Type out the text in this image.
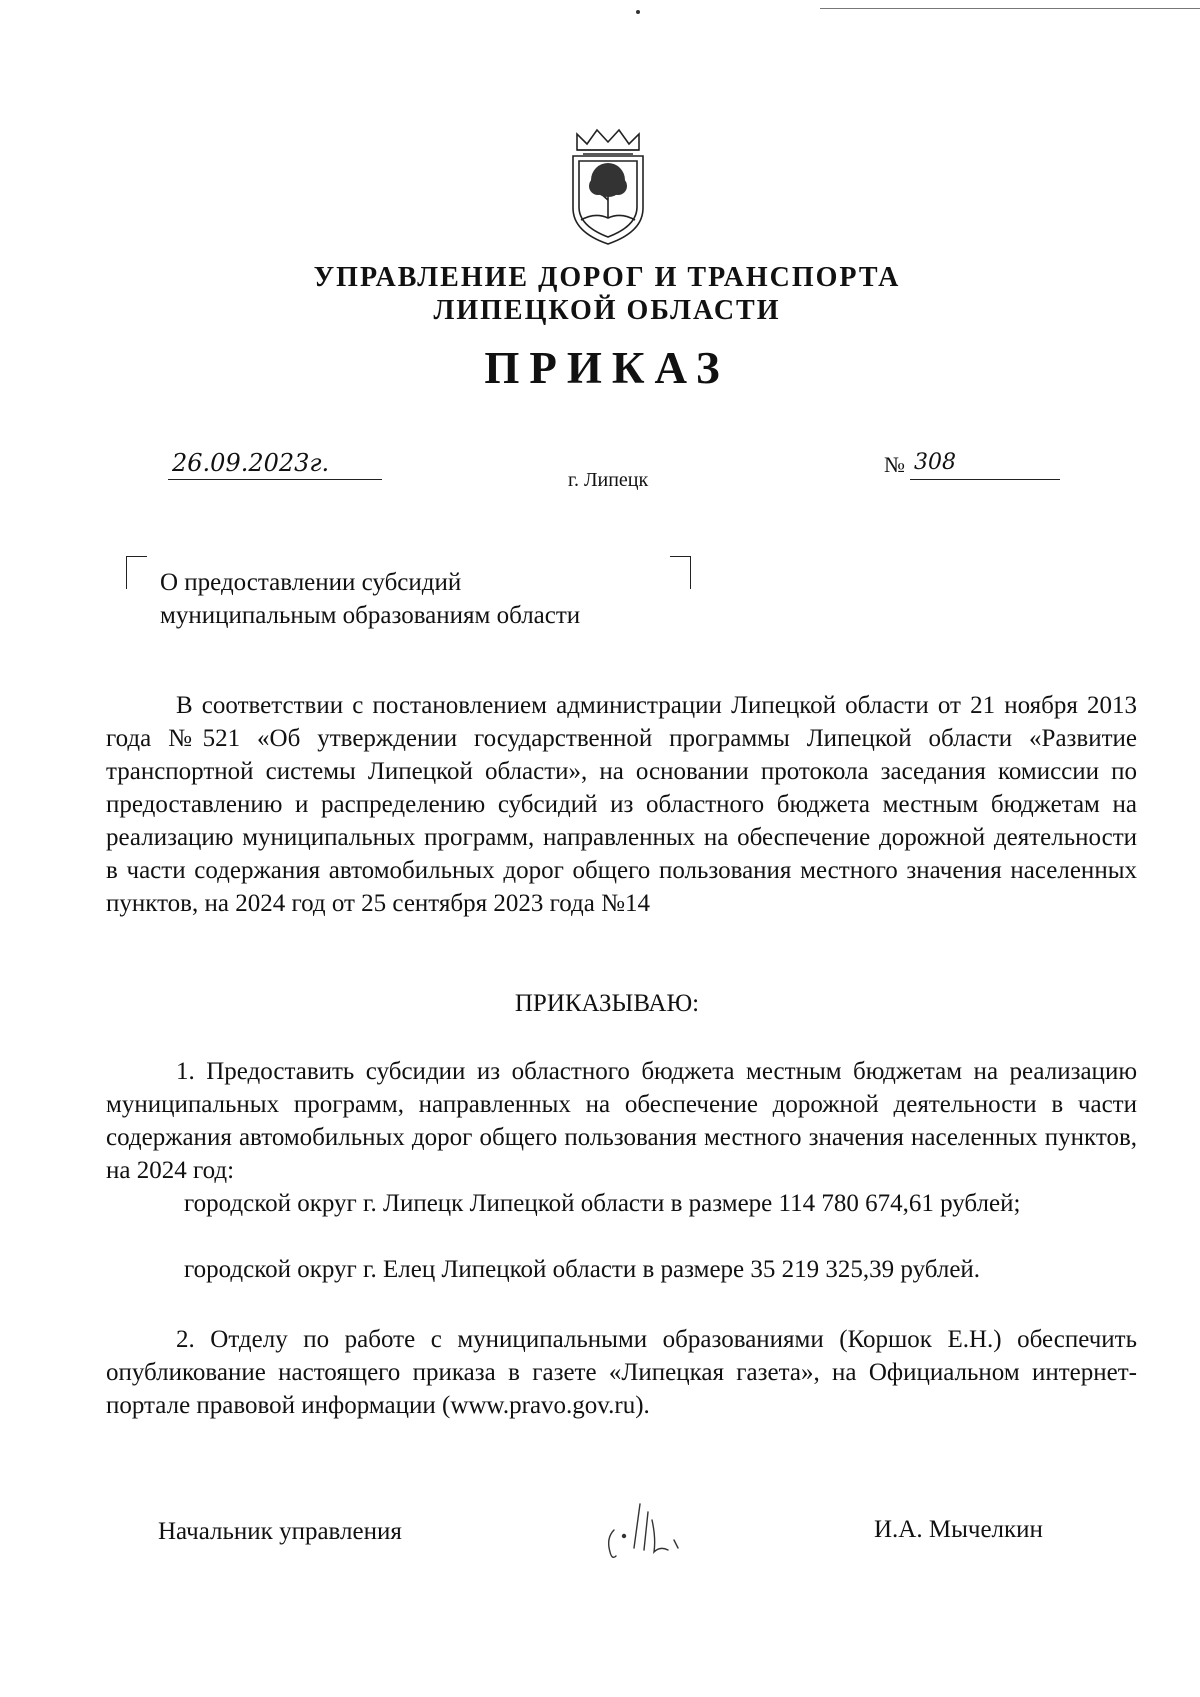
УПРАВЛЕНИЕ ДОРОГ И ТРАНСПОРТА
ЛИПЕЦКОЙ ОБЛАСТИ
ПРИКАЗ
26.09.2023г.	№ 308
г. Липецк
О предоставлении субсидий
муниципальным образованиям области

В соответствии с постановлением администрации Липецкой области от 21 ноября 2013 года №521 «Об утверждении государственной программы Липецкой области «Развитие транспортной системы Липецкой области», на основании протокола заседания комиссии по предоставлению и распределению субсидий из областного бюджета местным бюджетам на реализацию муниципальных программ, направленных на обеспечение дорожной деятельности в части содержания автомобильных дорог общего пользования местного значения населенных пунктов, на 2024 год от 25 сентября 2023 года №14

ПРИКАЗЫВАЮ:

1. Предоставить субсидии из областного бюджета местным бюджетам на реализацию муниципальных программ, направленных на обеспечение дорожной деятельности в части содержания автомобильных дорог общего пользования местного значения населенных пунктов, на 2024 год:

городской округ г. Липецк Липецкой области в размере 114 780 674,61 рублей;

городской округ г. Елец Липецкой области в размере 35 219 325,39 рублей.

2. Отделу по работе с муниципальными образованиями (Коршок Е.Н.) обеспечить опубликование настоящего приказа в газете «Липецкая газета», на Официальном интернет-портале правовой информации (www.pravo.gov.ru).

Начальник управления	И.А. Мычелкин
